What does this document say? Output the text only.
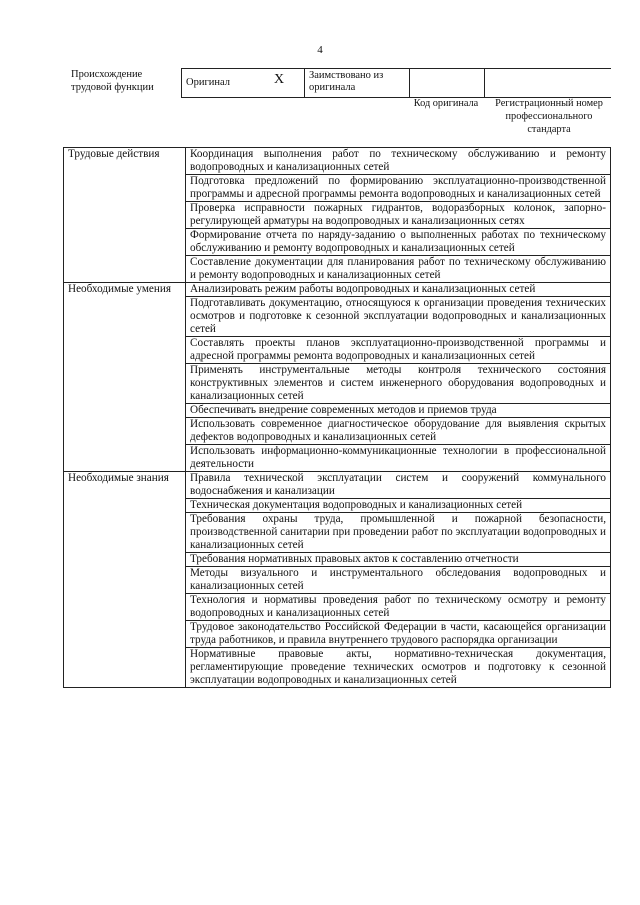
4
Происхождение трудовой функции	Оригинал	X	Заимствовано из оригинала		
Код оригинала	Регистрационный номер профессионального стандарта
Трудовые действия	Координация выполнения работ по техническому обслуживанию и ремонту водопроводных и канализационных сетей
	Подготовка предложений по формированию эксплуатационно-производственной программы и адресной программы ремонта водопроводных и канализационных сетей
	Проверка исправности пожарных гидрантов, водоразборных колонок, запорно-регулирующей арматуры на водопроводных и канализационных сетях
	Формирование отчета по наряду-заданию о выполненных работах по техническому обслуживанию и ремонту водопроводных и канализационных сетей
	Составление документации для планирования работ по техническому обслуживанию и ремонту водопроводных и канализационных сетей
Необходимые умения	Анализировать режим работы водопроводных и канализационных сетей
	Подготавливать документацию, относящуюся к организации проведения технических осмотров и подготовке к сезонной эксплуатации водопроводных и канализационных сетей
	Составлять проекты планов эксплуатационно-производственной программы и адресной программы ремонта водопроводных и канализационных сетей
	Применять инструментальные методы контроля технического состояния конструктивных элементов и систем инженерного оборудования водопроводных и канализационных сетей
	Обеспечивать внедрение современных методов и приемов труда
	Использовать современное диагностическое оборудование для выявления скрытых дефектов водопроводных и канализационных сетей
	Использовать информационно-коммуникационные технологии в профессиональной деятельности
Необходимые знания	Правила технической эксплуатации систем и сооружений коммунального водоснабжения и канализации
	Техническая документация водопроводных и канализационных сетей
	Требования охраны труда, промышленной и пожарной безопасности, производственной санитарии при проведении работ по эксплуатации водопроводных и канализационных сетей
	Требования нормативных правовых актов к составлению отчетности
	Методы визуального и инструментального обследования водопроводных и канализационных сетей
	Технология и нормативы проведения работ по техническому осмотру и ремонту водопроводных и канализационных сетей
	Трудовое законодательство Российской Федерации в части, касающейся организации труда работников, и правила внутреннего трудового распорядка организации
	Нормативные правовые акты, нормативно-техническая документация, регламентирующие проведение технических осмотров и подготовку к сезонной эксплуатации водопроводных и канализационных сетей
